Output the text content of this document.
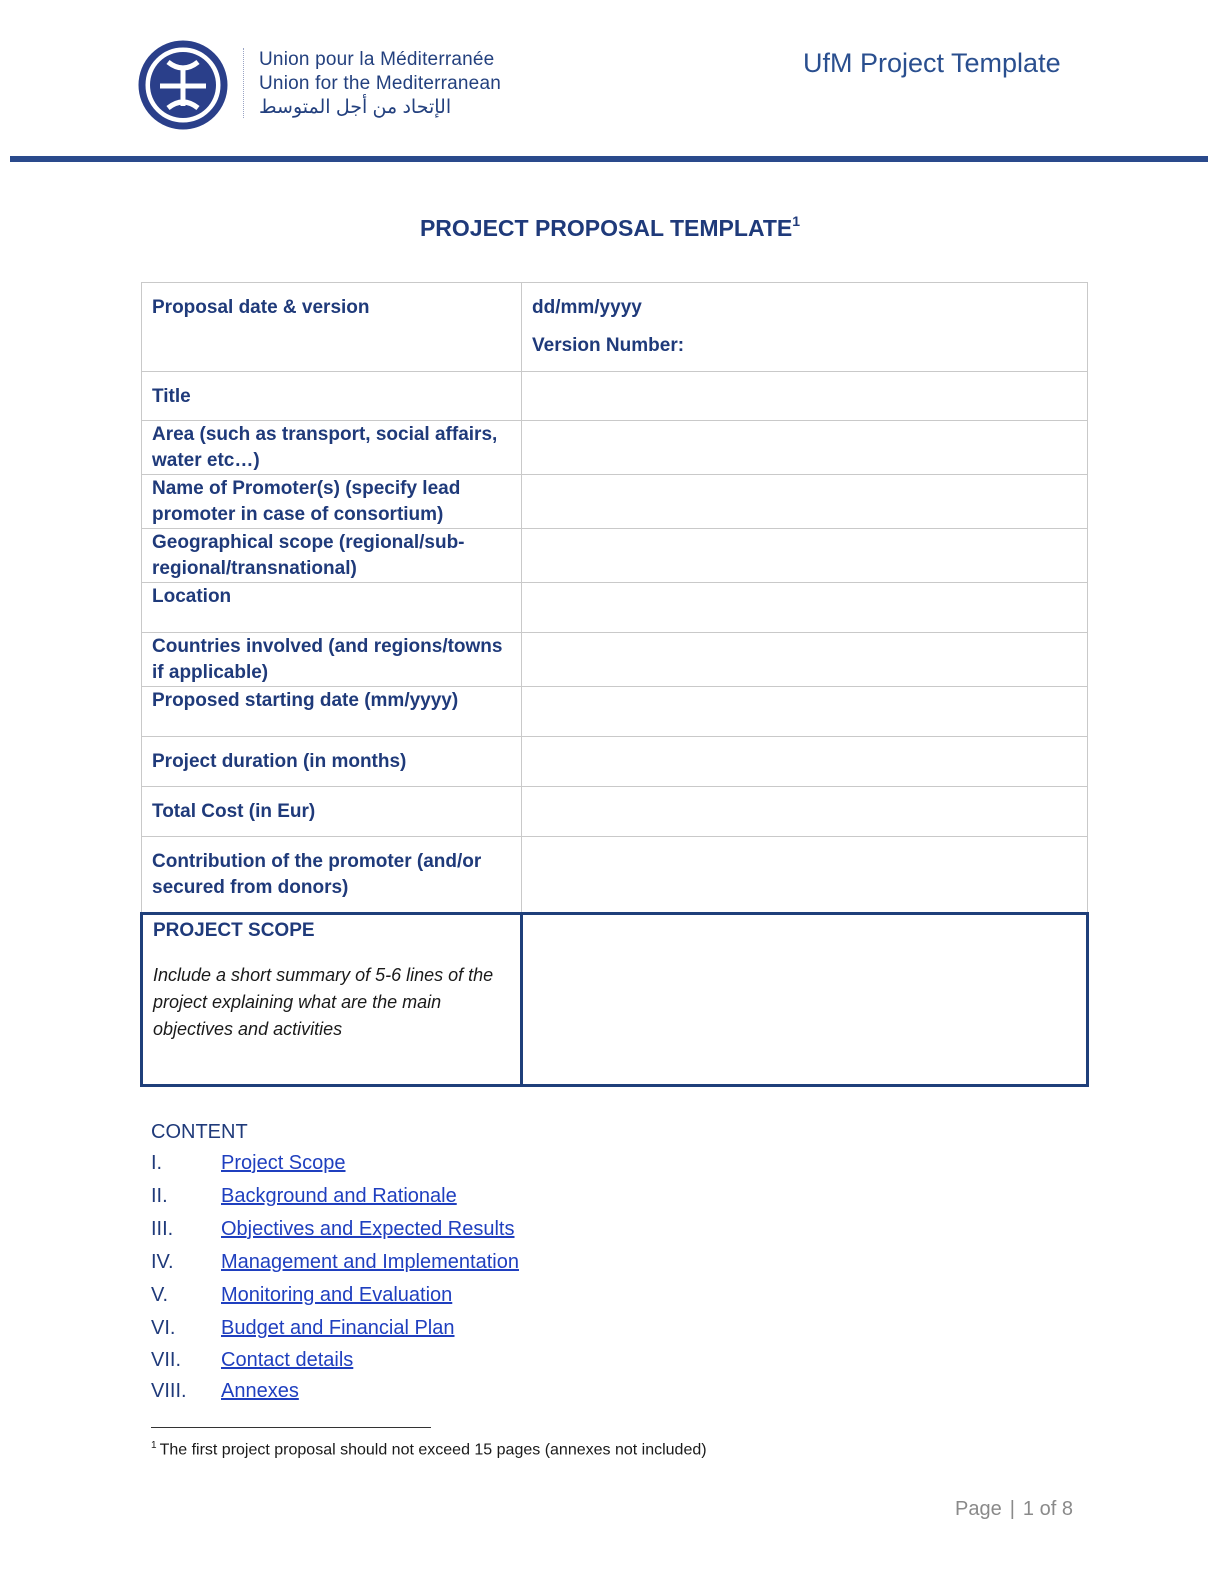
Union pour la Méditerranée
Union for the Mediterranean
الإتحاد من أجل المتوسط
UfM Project Template
PROJECT PROPOSAL TEMPLATE$^1$
Proposal date & version	dd/mm/yyyy
Version Number:

Title	
Area (such as transport, social affairs, water etc…)	
Name of Promoter(s) (specify lead promoter in case of consortium)	
Geographical scope (regional/sub-regional/transnational)	
Location	
Countries involved (and regions/towns if applicable)	
Proposed starting date (mm/yyyy)	
Project duration (in months)	
Total Cost (in Eur)	
Contribution of the promoter (and/or secured from donors)	

PROJECT SCOPE
Include a short summary of 5-6 lines of the project explaining what are the main objectives and activities	

CONTENT
I.	Project Scope
II.	Background and Rationale
III. Objectives and Expected Results
IV. Management and Implementation
V.	Monitoring and Evaluation
VI. Budget and Financial Plan
VII. Contact details
VIII. Annexes
$^1$ The first project proposal should not exceed 15 pages (annexes not included)
Page | 1 of 8
